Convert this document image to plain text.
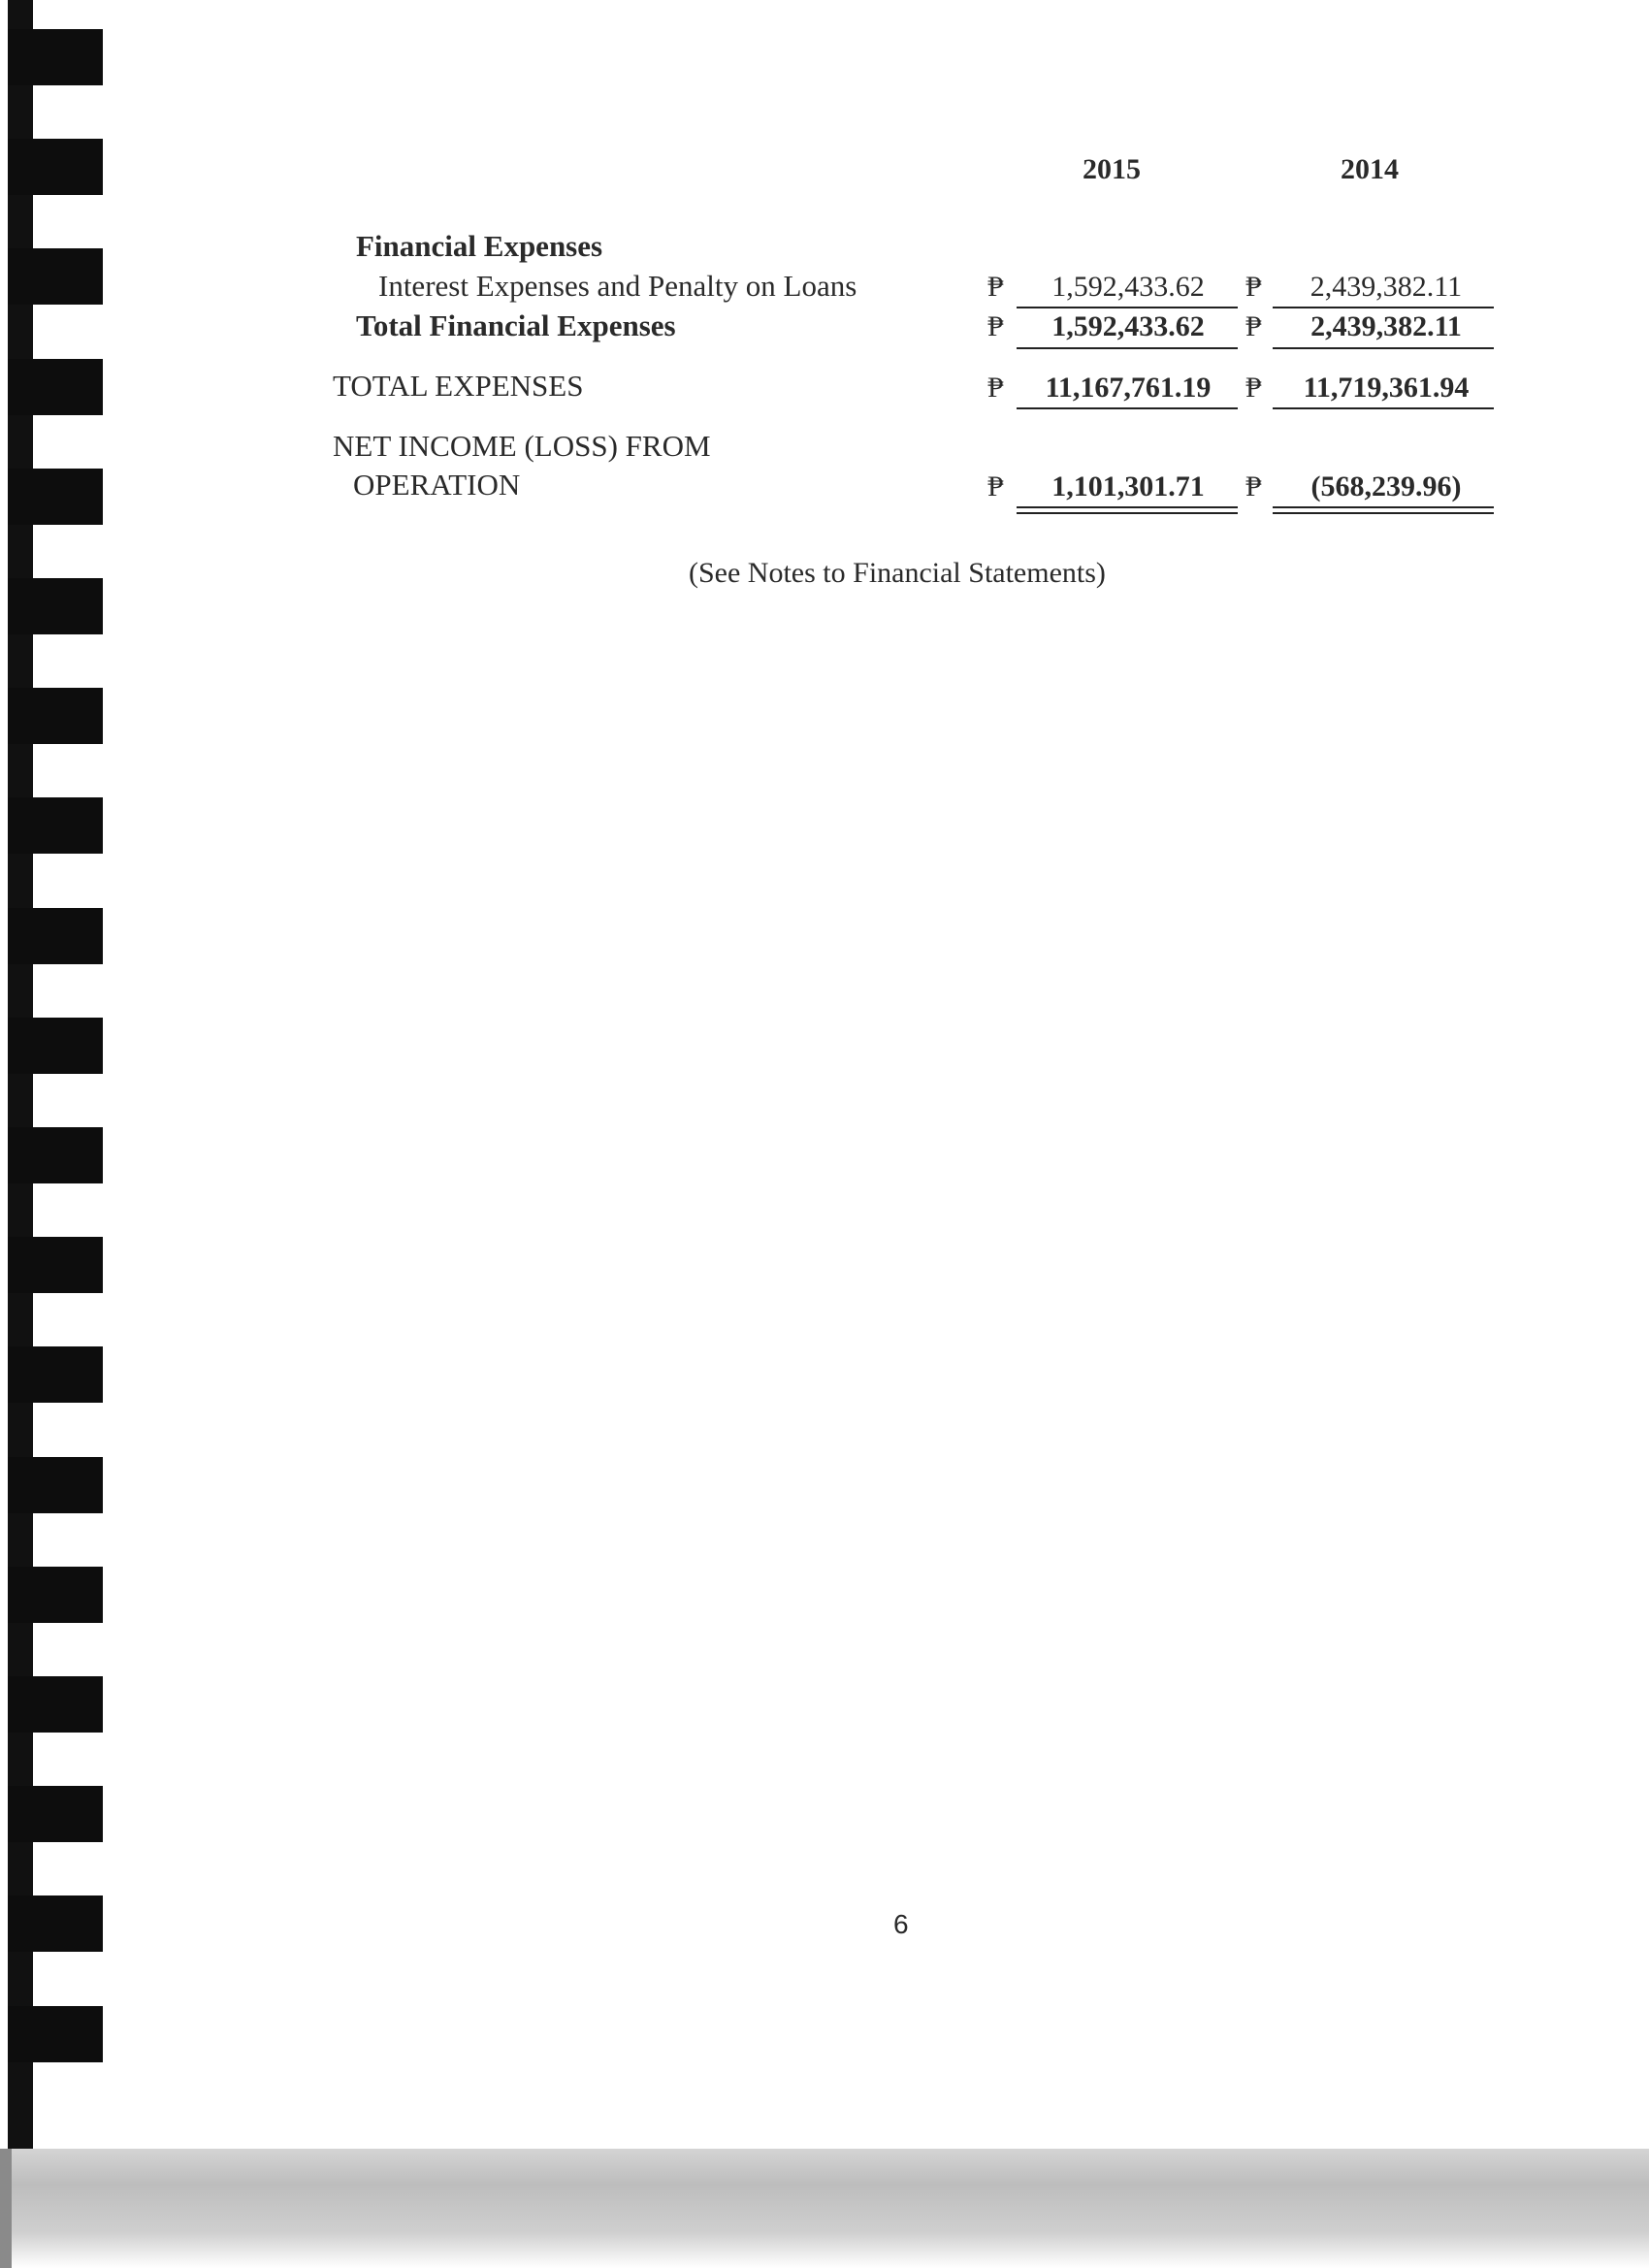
2015	2014
Financial Expenses
Interest Expenses and Penalty on Loans	₱	1,592,433.62	₱	2,439,382.11
Total Financial Expenses	₱	1,592,433.62	₱	2,439,382.11
TOTAL EXPENSES	₱	11,167,761.19	₱	11,719,361.94
NET INCOME (LOSS) FROM
OPERATION	₱	1,101,301.71	₱	(568,239.96)
(See Notes to Financial Statements)
6
